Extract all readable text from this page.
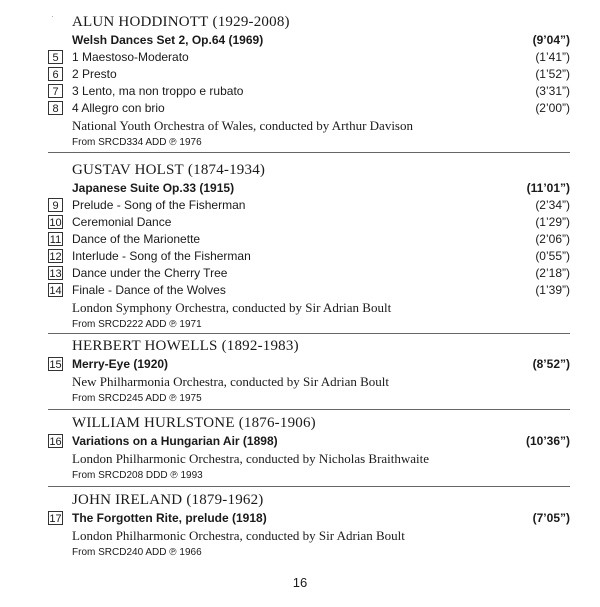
·	ALUN HODDINOTT (1929-2008)
Welsh Dances Set 2, Op.64 (1969)	(9’04”)
5	1 Maestoso-Moderato	(1’41”)
6	2 Presto	(1’52”)
7	3 Lento, ma non troppo e rubato	(3’31”)
8	4 Allegro con brio	(2’00”)
National Youth Orchestra of Wales, conducted by Arthur Davison
From SRCD334 ADD ℗ 1976
GUSTAV HOLST (1874-1934)
Japanese Suite Op.33 (1915)	(11’01”)
9	Prelude - Song of the Fisherman	(2’34”)
10 Ceremonial Dance	(1’29”)
11 Dance of the Marionette	(2’06”)
12 Interlude - Song of the Fisherman	(0’55”)
13 Dance under the Cherry Tree	(2’18”)
14 Finale - Dance of the Wolves	(1’39”)
London Symphony Orchestra, conducted by Sir Adrian Boult
From SRCD222 ADD ℗ 1971
HERBERT HOWELLS (1892-1983)
15 Merry-Eye (1920)	(8’52”)
New Philharmonia Orchestra, conducted by Sir Adrian Boult
From SRCD245 ADD ℗ 1975
WILLIAM HURLSTONE (1876-1906)
16 Variations on a Hungarian Air (1898)	(10’36”)
London Philharmonic Orchestra, conducted by Nicholas Braithwaite
From SRCD208 DDD ℗ 1993
JOHN IRELAND (1879-1962)
17 The Forgotten Rite, prelude (1918)	(7’05”)
London Philharmonic Orchestra, conducted by Sir Adrian Boult
From SRCD240 ADD ℗ 1966
16
